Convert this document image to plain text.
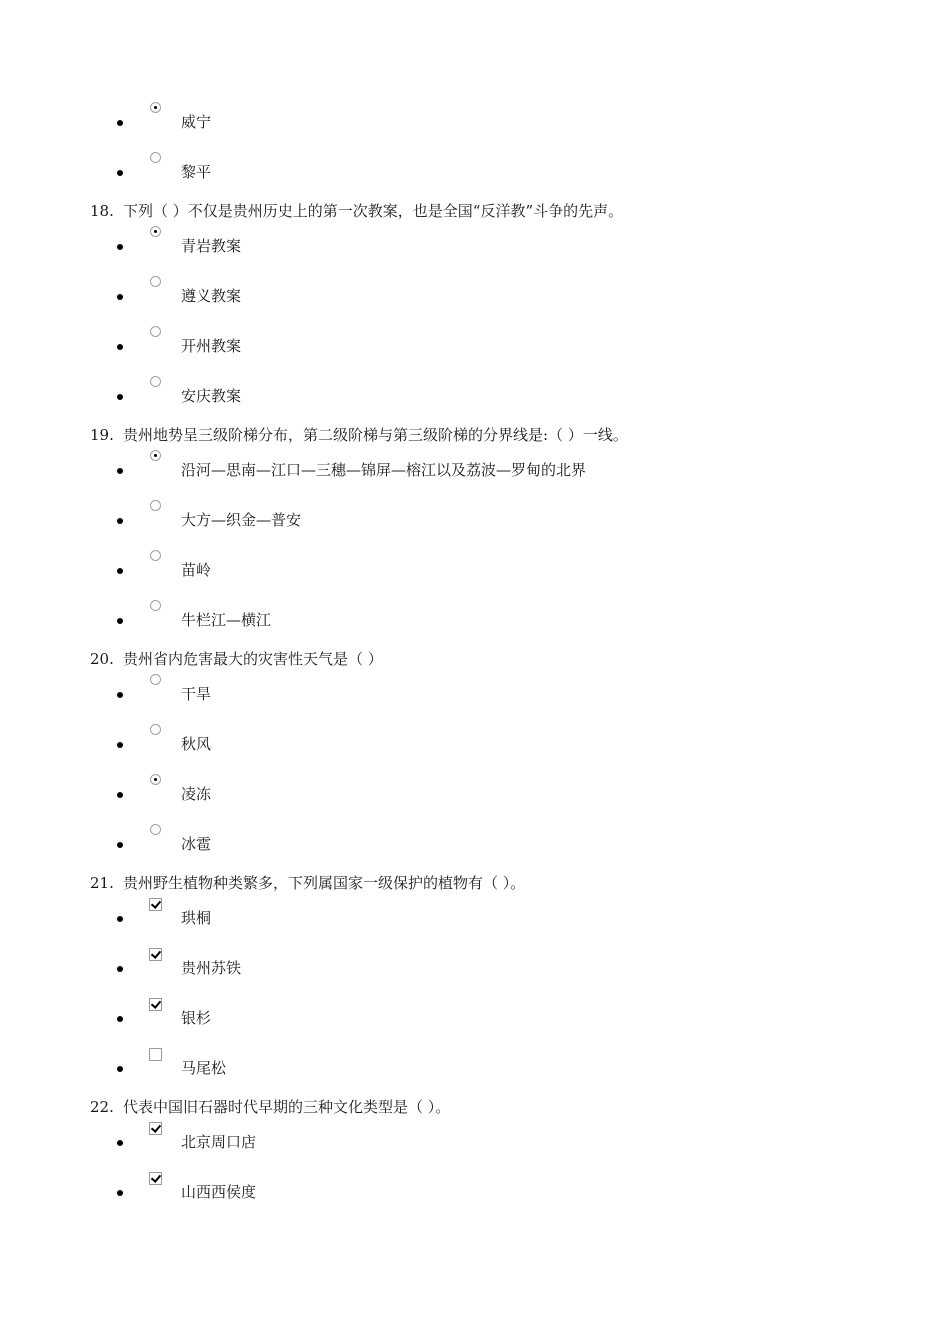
威宁
黎平
18. 下列（ ）不仅是贵州历史上的第一次教案，也是全国“反洋教”斗争的先声。
青岩教案
遵义教案
开州教案
安庆教案
19. 贵州地势呈三级阶梯分布，第二级阶梯与第三级阶梯的分界线是:（ ）一线。
沿河—思南—江口—三穗—锦屏—榕江以及荔波—罗甸的北界
大方—织金—普安
苗岭
牛栏江—横江
20. 贵州省内危害最大的灾害性天气是（ ）
干旱
秋风
凌冻
冰雹
21. 贵州野生植物种类繁多，下列属国家一级保护的植物有（ ）。
珙桐
贵州苏铁
银杉
马尾松
22. 代表中国旧石器时代早期的三种文化类型是（ ）。
北京周口店
山西西侯度
